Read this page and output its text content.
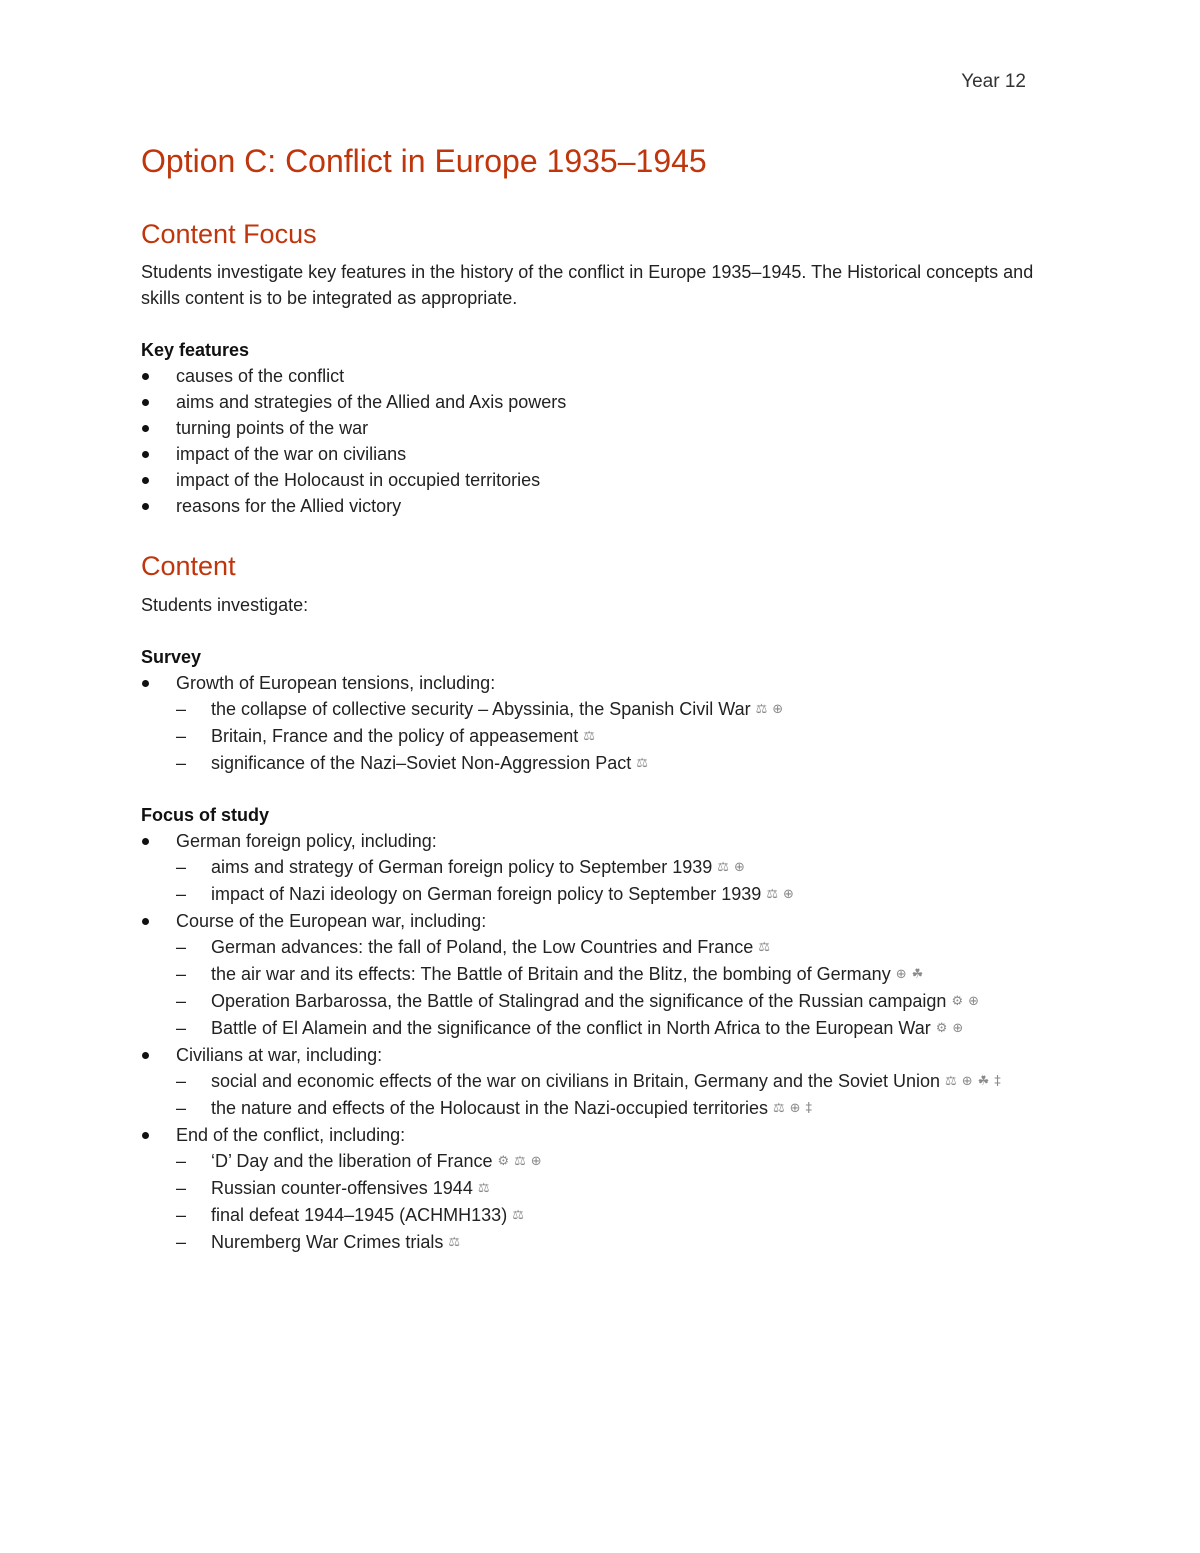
Year 12
Option C: Conflict in Europe 1935–1945
Content Focus

Students investigate key features in the history of the conflict in Europe 1935–1945. The Historical concepts and skills content is to be integrated as appropriate.

Key features
causes of the conflict
aims and strategies of the Allied and Axis powers
turning points of the war
impact of the war on civilians
impact of the Holocaust in occupied territories
reasons for the Allied victory
Content

Students investigate:

Survey
Growth of European tensions, including:
– the collapse of collective security – Abyssinia, the Spanish Civil War ⚖ ⊕
– Britain, France and the policy of appeasement ⚖
– significance of the Nazi–Soviet Non-Aggression Pact ⚖
Focus of study
German foreign policy, including:
– aims and strategy of German foreign policy to September 1939 ⚖ ⊕
– impact of Nazi ideology on German foreign policy to September 1939 ⚖ ⊕
Course of the European war, including:
– German advances: the fall of Poland, the Low Countries and France ⚖
– the air war and its effects: The Battle of Britain and the Blitz, the bombing of Germany ⊕ ☘
– Operation Barbarossa, the Battle of Stalingrad and the significance of the Russian campaign ⚙ ⊕
– Battle of El Alamein and the significance of the conflict in North Africa to the European War ⚙ ⊕
Civilians at war, including:
– social and economic effects of the war on civilians in Britain, Germany and the Soviet Union ⚖ ⊕ ☘ ‡
– the nature and effects of the Holocaust in the Nazi-occupied territories ⚖ ⊕ ‡
End of the conflict, including:
– ‘D’ Day and the liberation of France ⚙ ⚖ ⊕
– Russian counter-offensives 1944 ⚖
– final defeat 1944–1945 (ACHMH133) ⚖
– Nuremberg War Crimes trials ⚖
